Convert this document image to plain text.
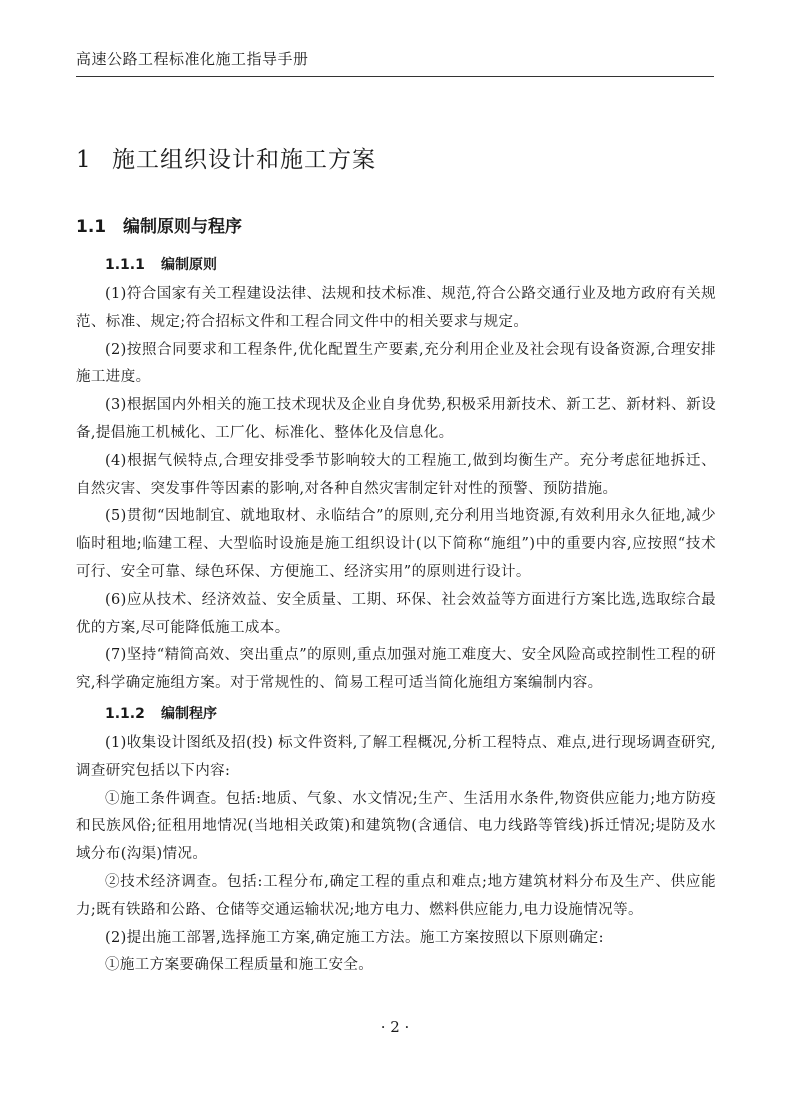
高速公路工程标准化施工指导手册
1 施工组织设计和施工方案
1.1 编制原则与程序
1.1.1 编制原则

(1)符合国家有关工程建设法律、法规和技术标准、规范,符合公路交通行业及地方政府有关规范、标准、规定;符合招标文件和工程合同文件中的相关要求与规定。

(2)按照合同要求和工程条件,优化配置生产要素,充分利用企业及社会现有设备资源,合理安排施工进度。

(3)根据国内外相关的施工技术现状及企业自身优势,积极采用新技术、新工艺、新材料、新设备,提倡施工机械化、工厂化、标准化、整体化及信息化。

(4)根据气候特点,合理安排受季节影响较大的工程施工,做到均衡生产。充分考虑征地拆迁、自然灾害、突发事件等因素的影响,对各种自然灾害制定针对性的预警、预防措施。

(5)贯彻“因地制宜、就地取材、永临结合”的原则,充分利用当地资源,有效利用永久征地,减少临时租地;临建工程、大型临时设施是施工组织设计(以下简称“施组”)中的重要内容,应按照“技术可行、安全可靠、绿色环保、方便施工、经济实用”的原则进行设计。

(6)应从技术、经济效益、安全质量、工期、环保、社会效益等方面进行方案比选,选取综合最优的方案,尽可能降低施工成本。

(7)坚持“精简高效、突出重点”的原则,重点加强对施工难度大、安全风险高或控制性工程的研究,科学确定施组方案。对于常规性的、简易工程可适当简化施组方案编制内容。

1.1.2 编制程序

(1)收集设计图纸及招(投) 标文件资料,了解工程概况,分析工程特点、难点,进行现场调查研究,调查研究包括以下内容:

①施工条件调查。包括:地质、气象、水文情况;生产、生活用水条件,物资供应能力;地方防疫和民族风俗;征租用地情况(当地相关政策)和建筑物(含通信、电力线路等管线)拆迁情况;堤防及水域分布(沟渠)情况。

②技术经济调查。包括:工程分布,确定工程的重点和难点;地方建筑材料分布及生产、供应能力;既有铁路和公路、仓储等交通运输状况;地方电力、燃料供应能力,电力设施情况等。

(2)提出施工部署,选择施工方案,确定施工方法。施工方案按照以下原则确定:

①施工方案要确保工程质量和施工安全。

· 2 ·
